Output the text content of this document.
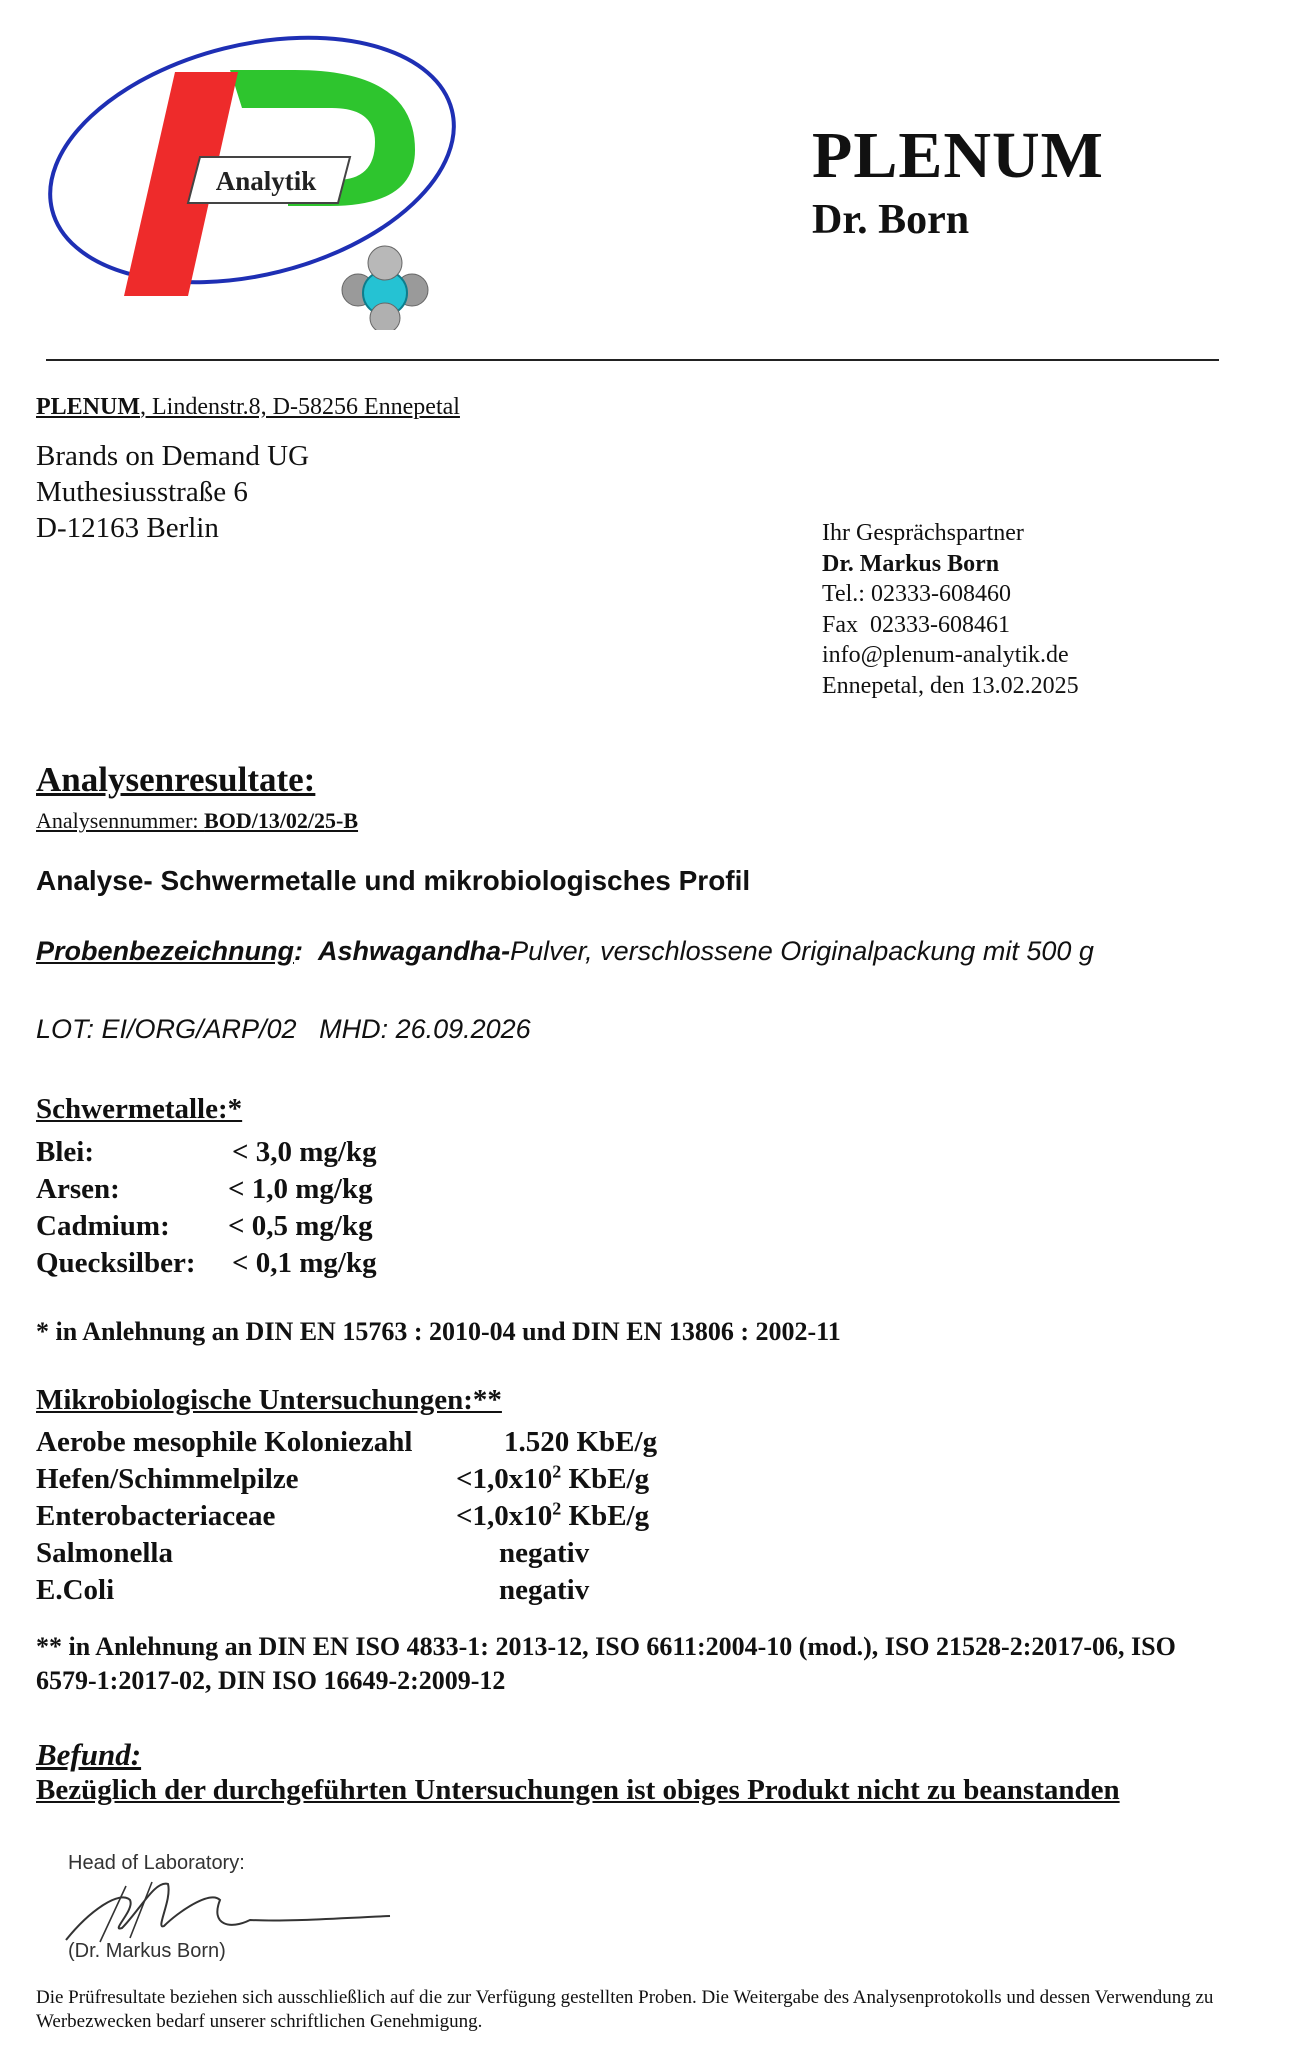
Analytik	PLENUM
Dr. Born
PLENUM, Lindenstr.8, D-58256 Ennepetal
Brands on Demand UG
Muthesiusstraße 6
D-12163 Berlin	Ihr Gesprächspartner
Dr. Markus Born
Tel.: 02333-608460
Fax  02333-608461
info@plenum-analytik.de
Ennepetal, den 13.02.2025
Analysenresultate:
Analysennummer: BOD/13/02/25-B
Analyse- Schwermetalle und mikrobiologisches Profil
Probenbezeichnung: Ashwagandha-Pulver, verschlossene Originalpackung mit 500 g
LOT: EI/ORG/ARP/02   MHD: 26.09.2026
Schwermetalle:*
Blei:	< 3,0 mg/kg
Arsen:	< 1,0 mg/kg
Cadmium: < 0,5 mg/kg
Quecksilber: < 0,1 mg/kg
* in Anlehnung an DIN EN 15763 : 2010-04 und DIN EN 13806 : 2002-11
Mikrobiologische Untersuchungen:**
Aerobe mesophile Koloniezahl	1.520 KbE/g
Hefen/Schimmelpilze	$<1,0x10^2$ KbE/g
Enterobacteriaceae	$<1,0x10^2$ KbE/g
Salmonella	negativ
E.Coli	negativ
** in Anlehnung an DIN EN ISO 4833-1: 2013-12, ISO 6611:2004-10 (mod.), ISO 21528-2:2017-06, ISO 6579-1:2017-02, DIN ISO 16649-2:2009-12
Befund:
Bezüglich der durchgeführten Untersuchungen ist obiges Produkt nicht zu beanstanden
Head of Laboratory:
(Dr. Markus Born)
Die Prüfresultate beziehen sich ausschließlich auf die zur Verfügung gestellten Proben. Die Weitergabe des Analysenprotokolls und dessen Verwendung zu Werbezwecken bedarf unserer schriftlichen Genehmigung.
